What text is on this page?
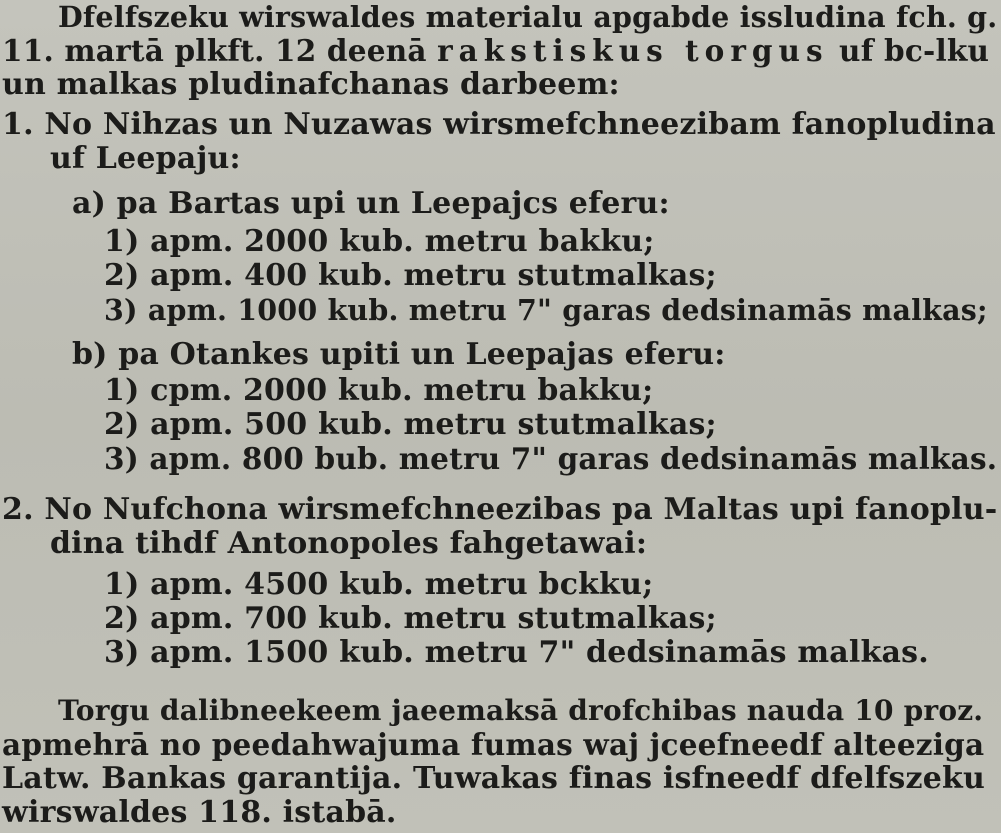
Dfelfszeku wirswaldes materialu apgabde issludina fch. g.
11. martā plkft. 12 deenā rakstiskus torgus uf bc-lku
un malkas pludinafchanas darbeem:
1. No Nihzas un Nuzawas wirsmefchneezibam fanopludina
uf Leepaju:
a) pa Bartas upi un Leepajcs eferu:
1) apm. 2000 kub. metru bakku;
2) apm. 400 kub. metru stutmalkas;
3) apm. 1000 kub. metru 7" garas dedsinamās malkas;
b) pa Otankes upiti un Leepajas eferu:
1) cpm. 2000 kub. metru bakku;
2) apm. 500 kub. metru stutmalkas;
3) apm. 800 bub. metru 7" garas dedsinamās malkas.
2. No Nufchona wirsmefchneezibas pa Maltas upi fanoplu-
dina tihdf Antonopoles fahgetawai:
1) apm. 4500 kub. metru bckku;
2) apm. 700 kub. metru stutmalkas;
3) apm. 1500 kub. metru 7" dedsinamās malkas.
Torgu dalibneekeem jaeemaksā drofchibas nauda 10 proz.
apmehrā no peedahwajuma fumas waj jceefneedf alteeziga
Latw. Bankas garantija. Tuwakas finas isfneedf dfelfszeku
wirswaldes 118. istabā.
